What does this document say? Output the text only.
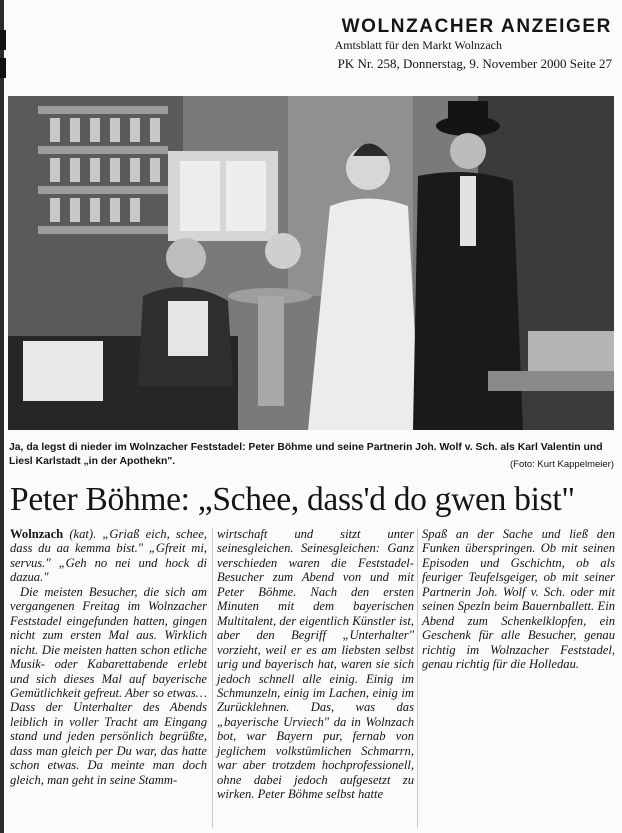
WOLNZACHER ANZEIGER
Amtsblatt für den Markt Wolnzach
PK Nr. 258, Donnerstag, 9. November 2000 Seite 27
Ja, da legst di nieder im Wolnzacher Feststadel: Peter Böhme und seine Partnerin Joh. Wolf v. Sch. als Karl Valentin und Liesl Karlstadt „in der Apothekn".	(Foto: Kurt Kappelmeier)
Peter Böhme: „Schee, dass'd do gwen bist"

Wolnzach (kat). „Griaß eich, schee, dass du aa kemma bist." „Gfreit mi, servus." „Geh no nei und hock di dazua."

Die meisten Besucher, die sich am vergangenen Freitag im Wolnzacher Feststadel eingefunden hatten, gingen nicht zum ersten Mal aus. Wirklich nicht. Die meisten hatten schon etliche Musik- oder Kabarettabende erlebt und sich dieses Mal auf bayerische Gemütlichkeit gefreut. Aber so etwas… Dass der Unterhalter des Abends leiblich in voller Tracht am Eingang stand und jeden persönlich begrüßte, dass man gleich per Du war, das hatte schon etwas. Da meinte man doch gleich, man geht in seine Stamm-

wirtschaft und sitzt unter seinesgleichen. Seinesgleichen: Ganz verschieden waren die Feststadel-Besucher zum Abend von und mit Peter Böhme. Nach den ersten Minuten mit dem bayerischen Multitalent, der eigentlich Künstler ist, aber den Begriff „Unterhalter" vorzieht, weil er es am liebsten selbst urig und bayerisch hat, waren sie sich jedoch schnell alle einig. Einig im Schmunzeln, einig im Lachen, einig im Zurücklehnen. Das, was das „bayerische Urviech" da in Wolnzach bot, war Bayern pur, fernab von jeglichem volkstümlichen Schmarrn, war aber trotzdem hochprofessionell, ohne dabei jedoch aufgesetzt zu wirken. Peter Böhme selbst hatte

Spaß an der Sache und ließ den Funken überspringen. Ob mit seinen Episoden und Gschichtn, ob als feuriger Teufelsgeiger, ob mit seiner Partnerin Joh. Wolf v. Sch. oder mit seinen Spezln beim Bauernballett. Ein Abend zum Schenkelklopfen, ein Geschenk für alle Besucher, genau richtig im Wolnzacher Feststadel, genau richtig für die Holledau.
